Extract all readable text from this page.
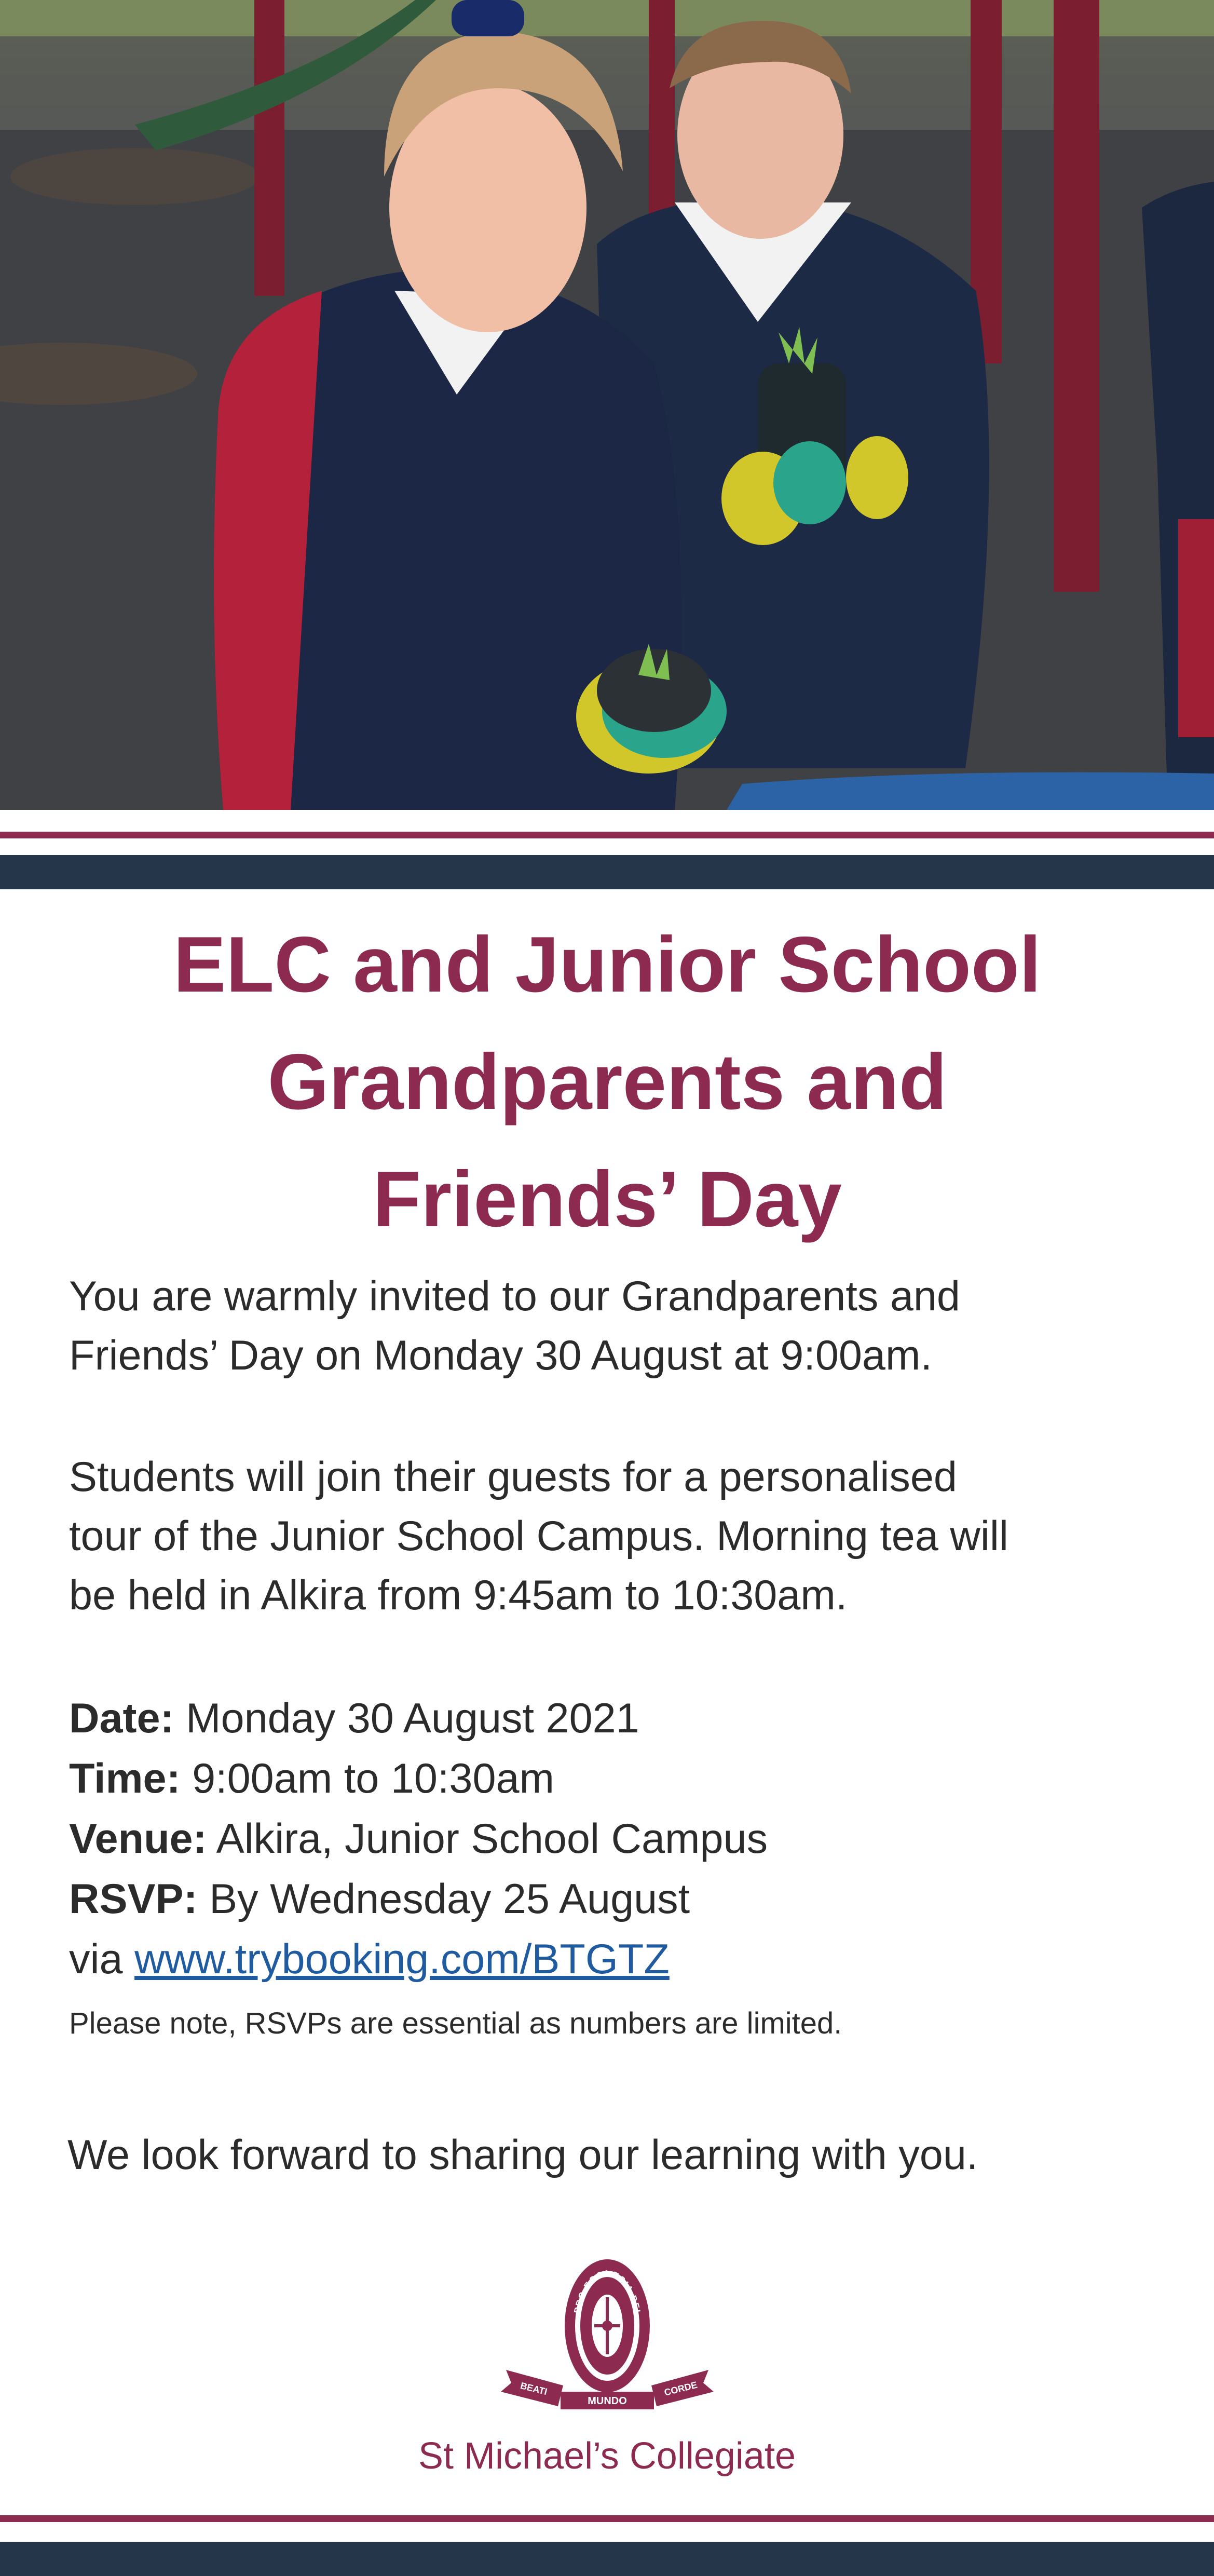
ELC and Junior School
Grandparents and
Friends’ Day

You are warmly invited to our Grandparents and
Friends’ Day on Monday 30 August at 9:00am.

Students will join their guests for a personalised
tour of the Junior School Campus. Morning tea will
be held in Alkira from 9:45am to 10:30am.

Date: Monday 30 August 2021
Time: 9:00am to 10:30am
Venue: Alkira, Junior School Campus
RSVP: By Wednesday 25 August
via www.trybooking.com/BTGTZ
Please note, RSVPs are essential as numbers are limited.
We look forward to sharing our learning with you.
PRO ECCLESIA DEI
BEATI	CORDE
MUNDO
St Michael’s Collegiate
